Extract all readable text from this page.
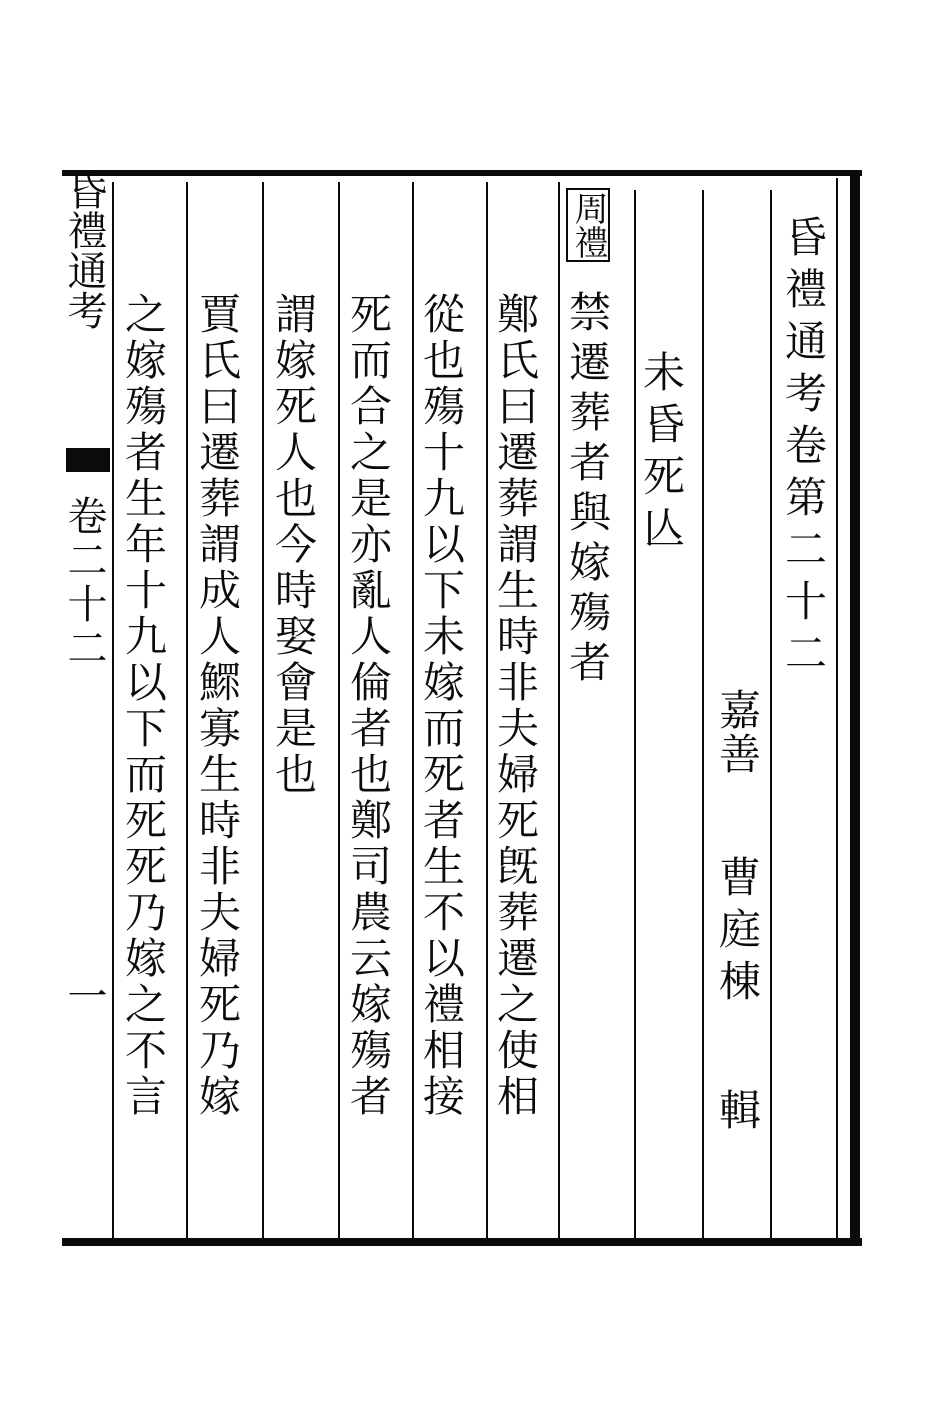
昏禮通考卷第二十二
嘉善
曹庭棟
輯
未昏死亾
周禮
禁遷葬者與嫁殤者
鄭氏曰遷葬謂生時非夫婦死旣葬遷之使相
從也殤十九以下未嫁而死者生不以禮相接
死而合之是亦亂人倫者也鄭司農云嫁殤者
謂嫁死人也今時娶會是也
賈氏曰遷葬謂成人鰥寡生時非夫婦死乃嫁
之嫁殤者生年十九以下而死死乃嫁之不言
昏禮通考
卷二十二
一
